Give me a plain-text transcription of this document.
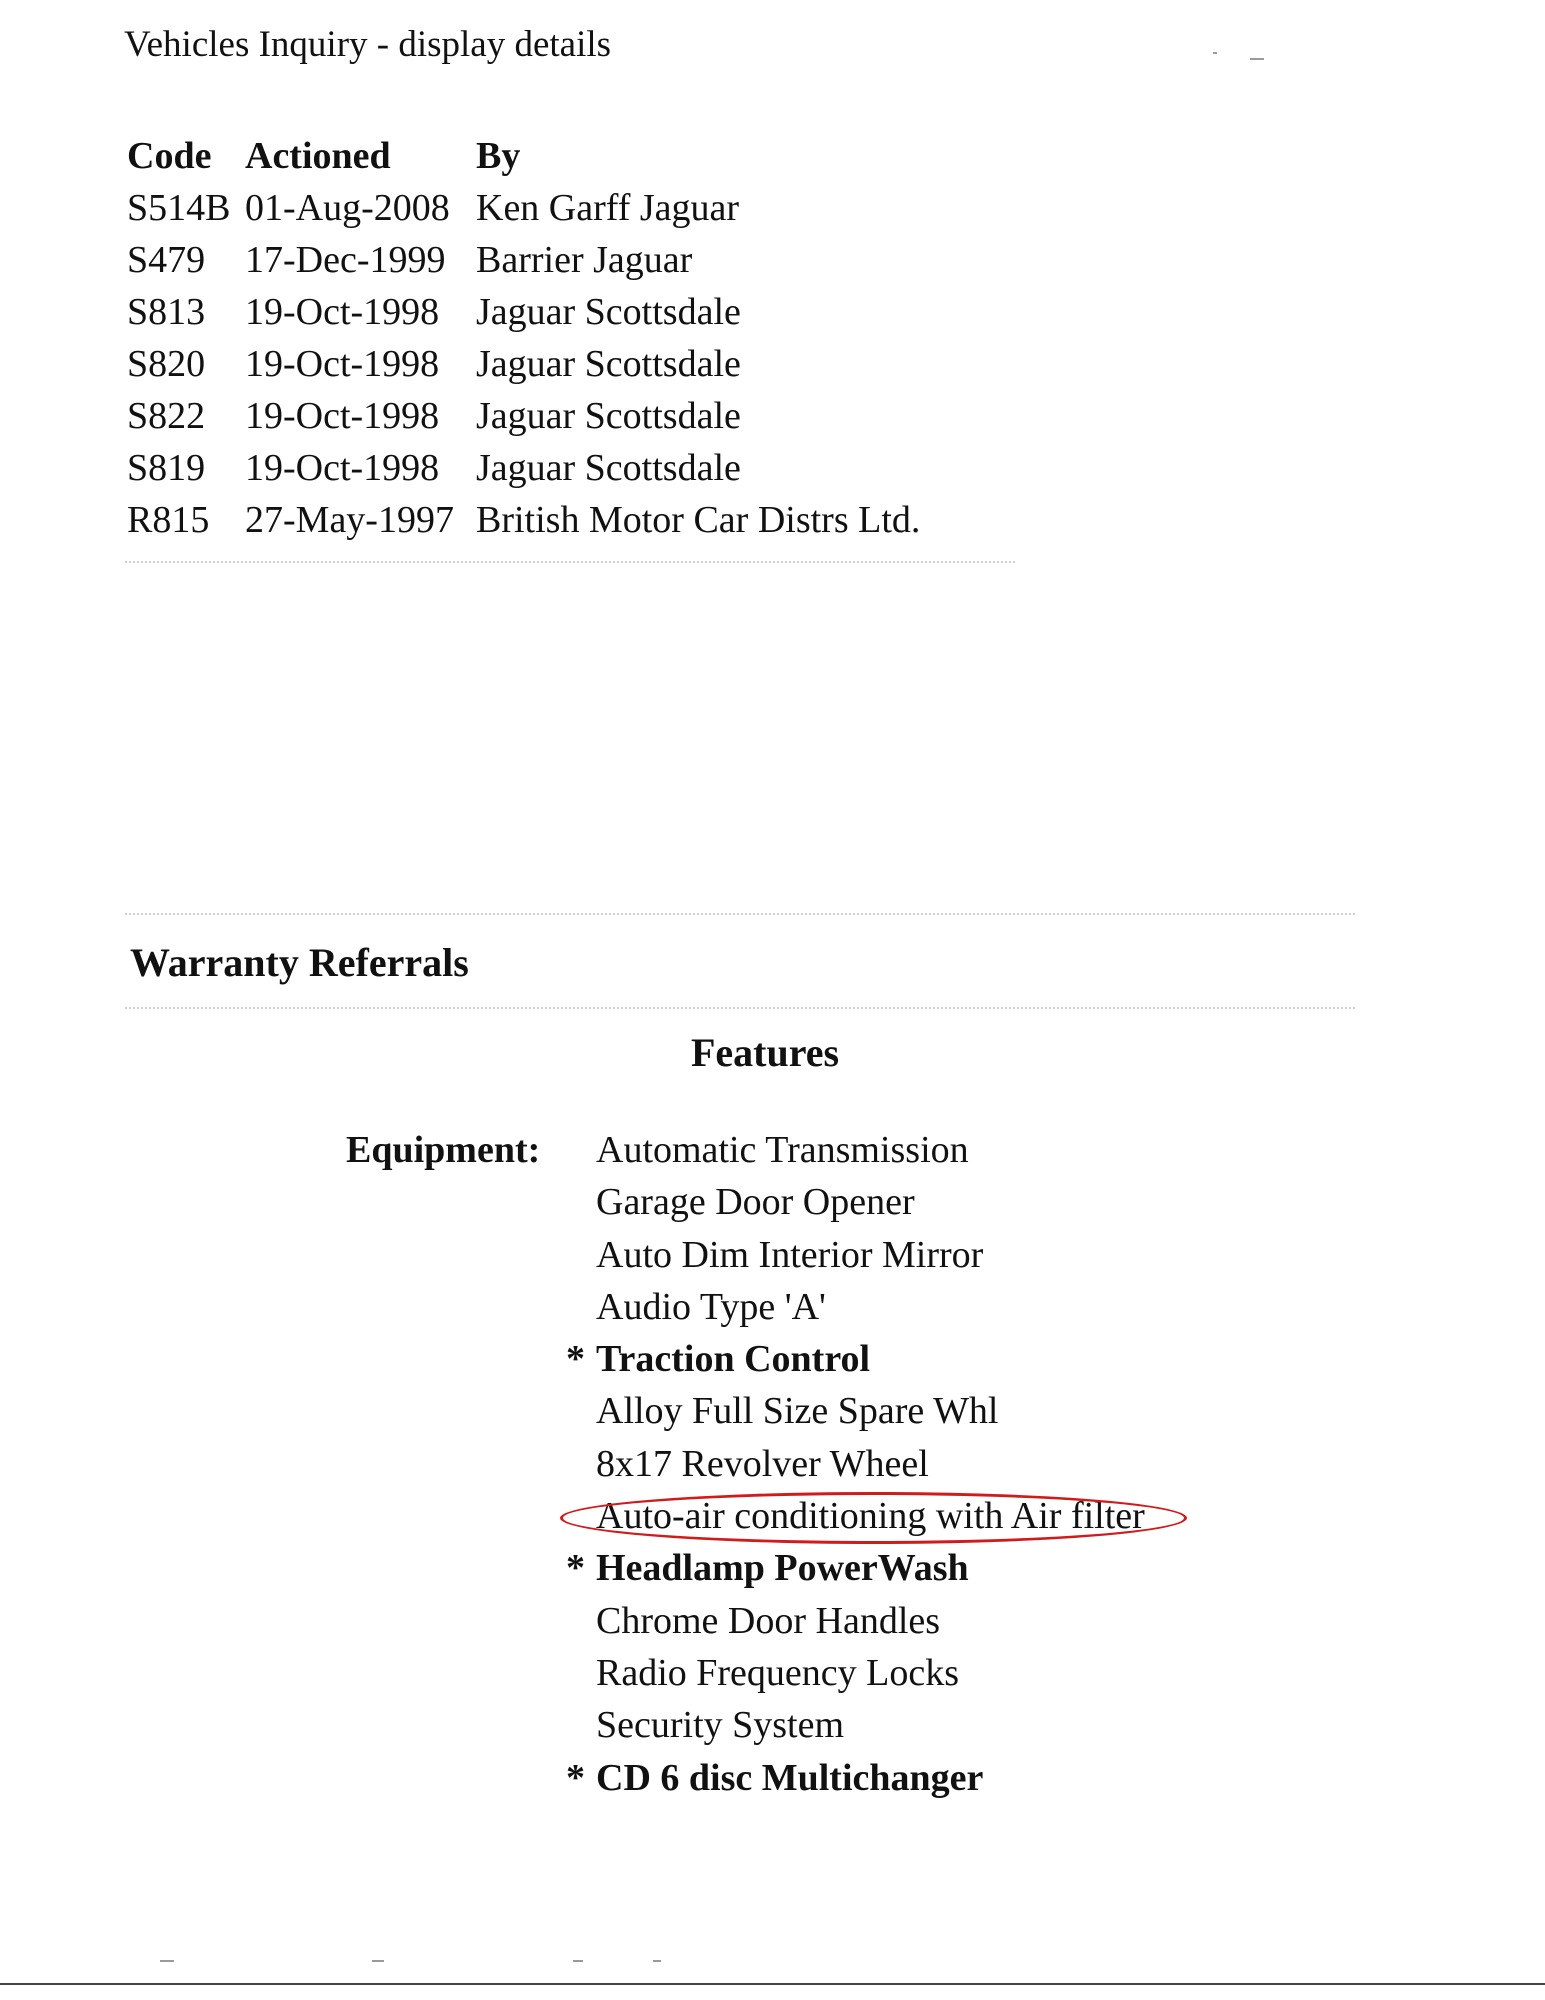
Vehicles Inquiry - display details
Code Actioned	By
S514B 01-Aug-2008 Ken Garff Jaguar
S479	17-Dec-1999 Barrier Jaguar
S813	19-Oct-1998 Jaguar Scottsdale
S820	19-Oct-1998 Jaguar Scottsdale
S822	19-Oct-1998 Jaguar Scottsdale
S819	19-Oct-1998 Jaguar Scottsdale
R815 27-May-1997 British Motor Car Distrs Ltd.
Warranty Referrals
Features
Equipment:	Automatic Transmission
Garage Door Opener
Auto Dim Interior Mirror
Audio Type 'A'
* Traction Control
Alloy Full Size Spare Whl
8x17 Revolver Wheel
Auto-air conditioning with Air filter
* Headlamp PowerWash
Chrome Door Handles
Radio Frequency Locks
Security System
* CD 6 disc Multichanger
